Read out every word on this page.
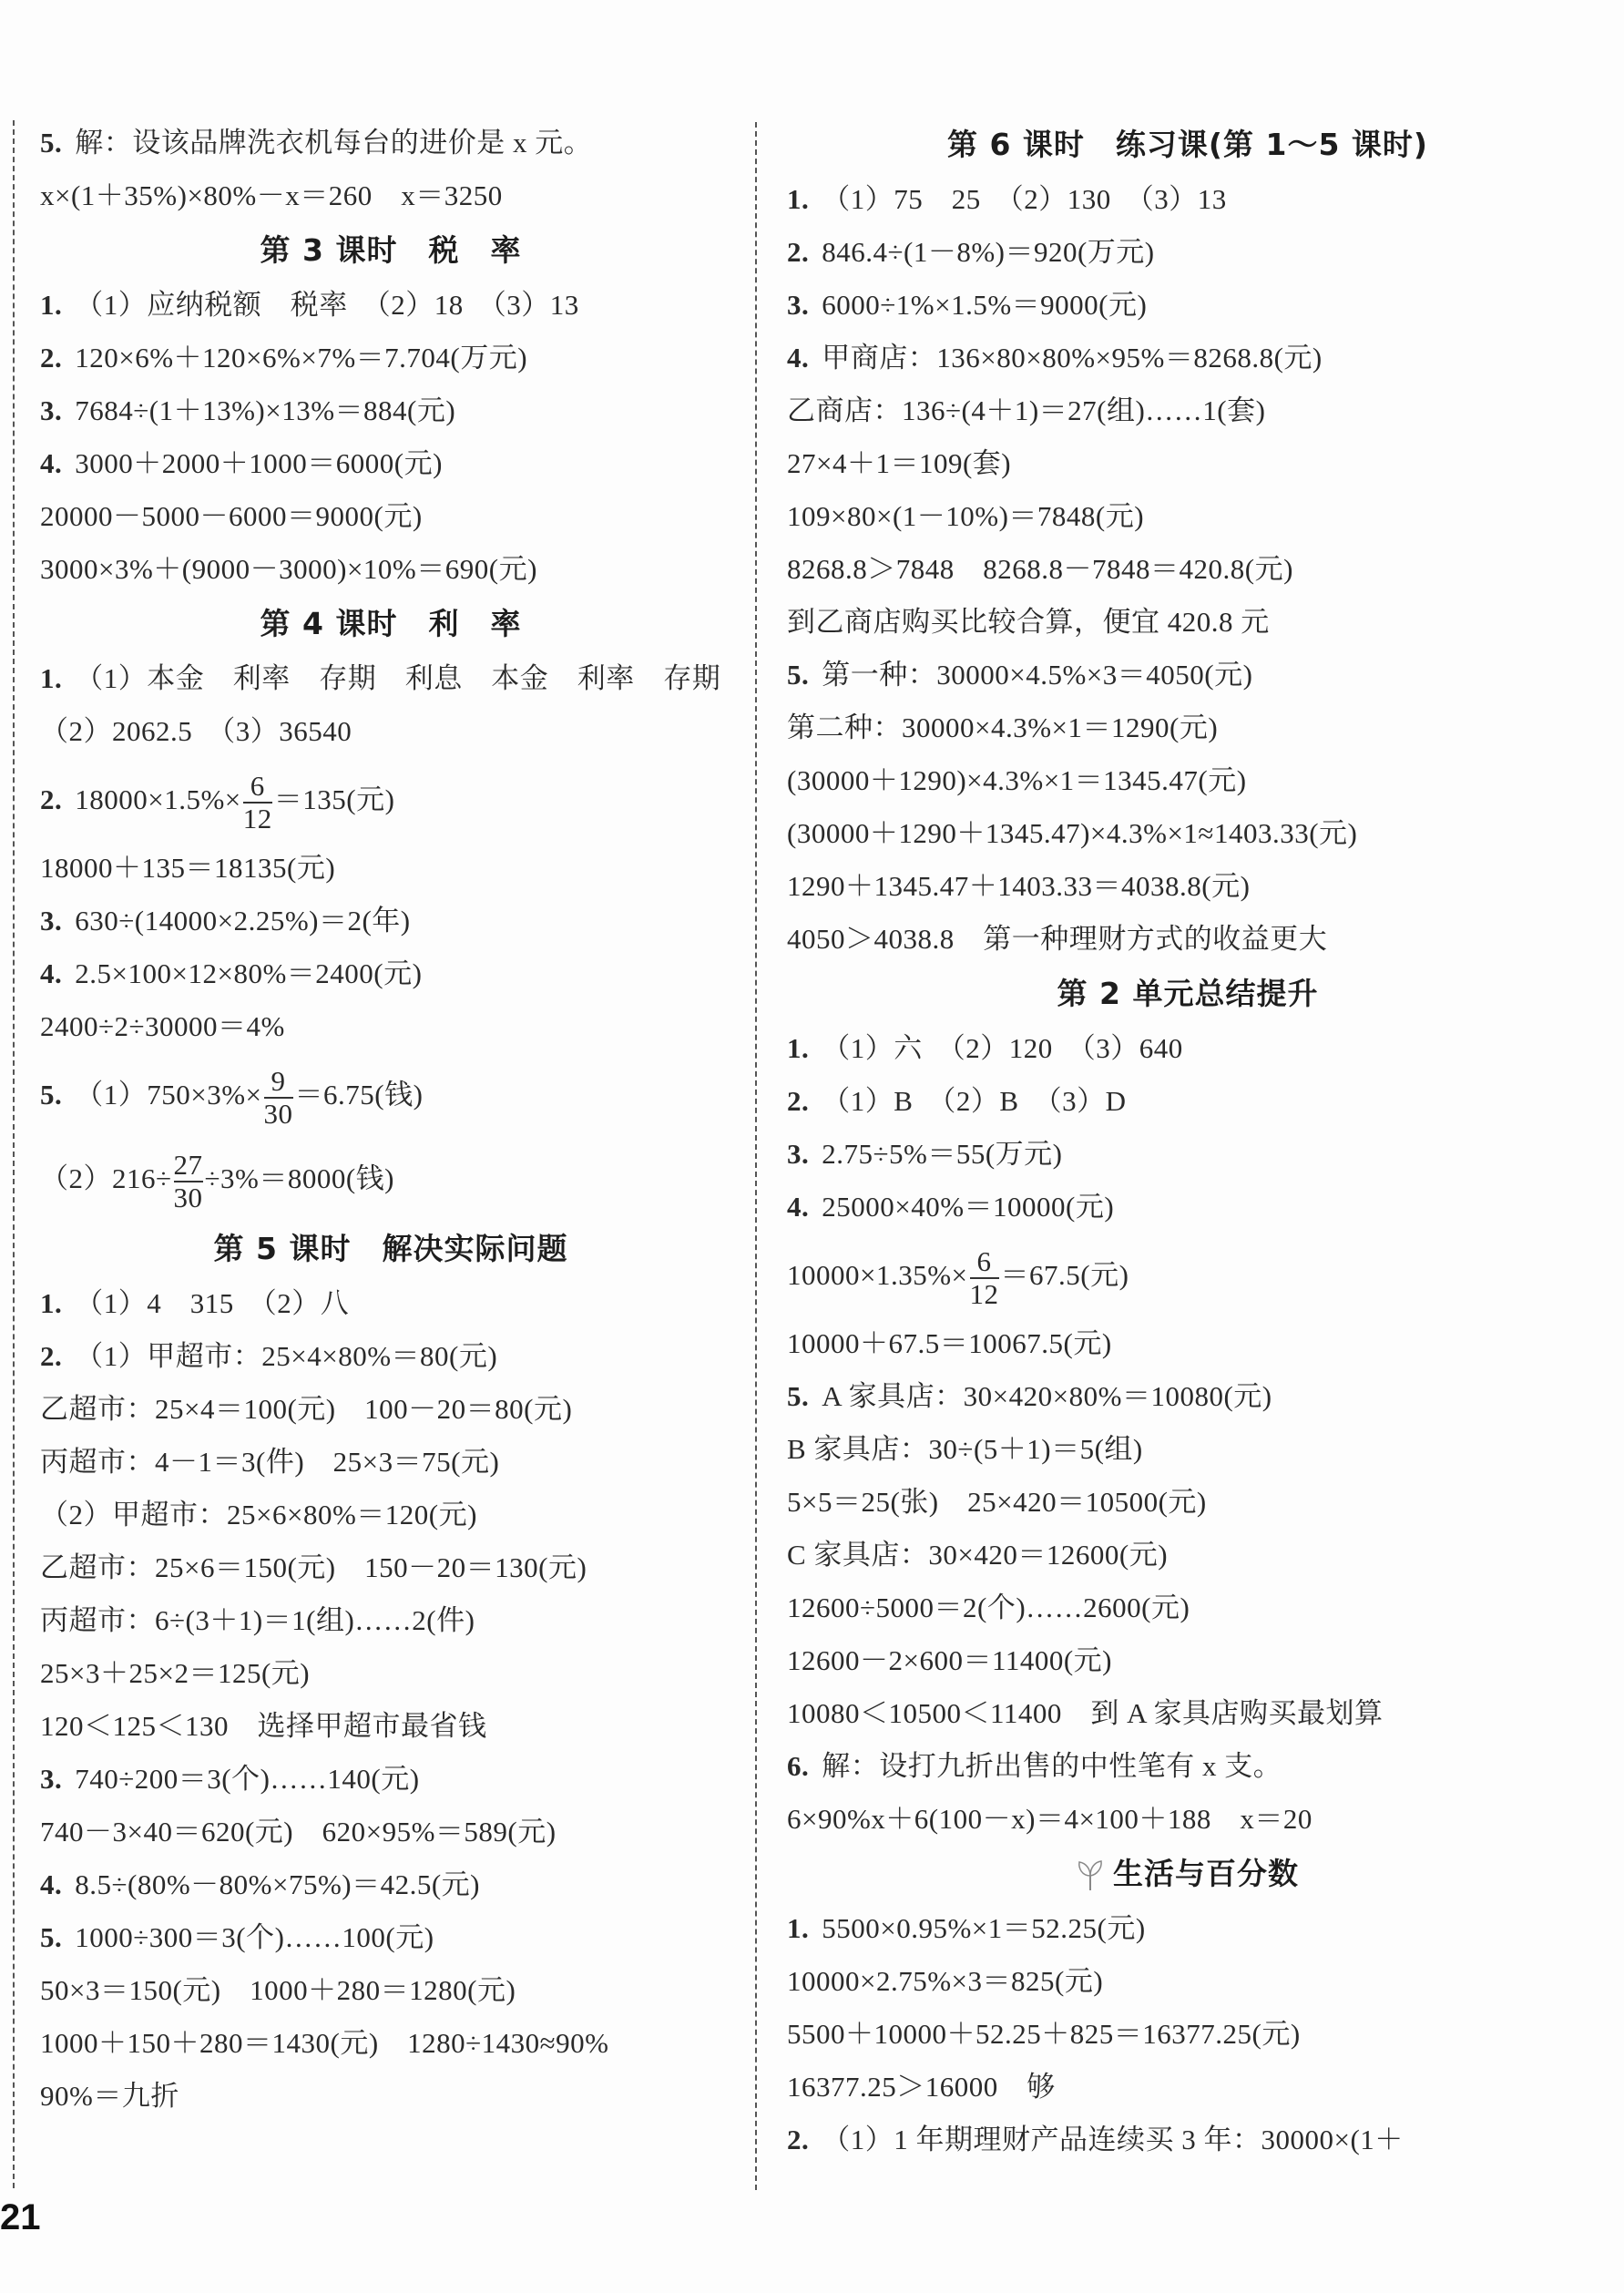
5. 解：设该品牌洗衣机每台的进价是 x 元。
x×(1＋35%)×80%－x＝260　x＝3250
第 3 课时　税　率
1. （1）应纳税额　税率　（2）18　（3）13
2. 120×6%＋120×6%×7%＝7.704(万元)
3. 7684÷(1＋13%)×13%＝884(元)
4. 3000＋2000＋1000＝6000(元)
20000－5000－6000＝9000(元)
3000×3%＋(9000－3000)×10%＝690(元)
第 4 课时　利　率
1. （1）本金　利率　存期　利息　本金　利率　存期
（2）2062.5　（3）36540
2. $18000\times 1.5\%\times \frac{6}{12} =135$(元)
18000＋135＝18135(元)
3. 630÷(14000×2.25%)＝2(年)
4. 2.5×100×12×80%＝2400(元)
2400÷2÷30000＝4%
5. $(1)750\times 3\%\times \frac{9}{30} =6.75$(钱)
$(2)216\div \frac{27}{30} \div 3\%=8000$(钱)
第 5 课时　解决实际问题
1. （1）4　315　（2）八
2. （1）甲超市：25×4×80%＝80(元)
乙超市：25×4＝100(元)　100－20＝80(元)
丙超市：4－1＝3(件)　25×3＝75(元)
（2）甲超市：25×6×80%＝120(元)
乙超市：25×6＝150(元)　150－20＝130(元)
丙超市：6÷(3＋1)＝1(组)……2(件)
25×3＋25×2＝125(元)
120＜125＜130　选择甲超市最省钱
3. 740÷200＝3(个)……140(元)
740－3×40＝620(元)　620×95%＝589(元)
4. 8.5÷(80%－80%×75%)＝42.5(元)
5. 1000÷300＝3(个)……100(元)
50×3＝150(元)　1000＋280＝1280(元)
1000＋150＋280＝1430(元)　1280÷1430≈90%
90%＝九折
第 6 课时　练习课(第 1～5 课时)
1. （1）75　25　（2）130　（3）13
2. 846.4÷(1－8%)＝920(万元)
3. 6000÷1%×1.5%＝9000(元)
4. 甲商店：136×80×80%×95%＝8268.8(元)
乙商店：136÷(4＋1)＝27(组)……1(套)
27×4＋1＝109(套)
109×80×(1－10%)＝7848(元)
8268.8＞7848　8268.8－7848＝420.8(元)
到乙商店购买比较合算，便宜 420.8 元
5. 第一种：30000×4.5%×3＝4050(元)
第二种：30000×4.3%×1＝1290(元)
(30000＋1290)×4.3%×1＝1345.47(元)
(30000＋1290＋1345.47)×4.3%×1≈1403.33(元)
1290＋1345.47＋1403.33＝4038.8(元)
4050＞4038.8　第一种理财方式的收益更大
第 2 单元总结提升
1. （1）六　（2）120　（3）640
2. （1）B　（2）B　（3）D
3. 2.75÷5%＝55(万元)
4. 25000×40%＝10000(元)
$10000\times 1.35\%\times \frac{6}{12} =67.5$(元)
10000＋67.5＝10067.5(元)
5. A 家具店：30×420×80%＝10080(元)
B 家具店：30÷(5＋1)＝5(组)
5×5＝25(张)　25×420＝10500(元)
C 家具店：30×420＝12600(元)
12600÷5000＝2(个)……2600(元)
12600－2×600＝11400(元)
10080＜10500＜11400　到 A 家具店购买最划算
6. 解：设打九折出售的中性笔有 x 支。
6×90%x＋6(100－x)＝4×100＋188　x＝20
生活与百分数
1. 5500×0.95%×1＝52.25(元)
10000×2.75%×3＝825(元)
5500＋10000＋52.25＋825＝16377.25(元)
16377.25＞16000　够
2. （1）1 年期理财产品连续买 3 年：30000×(1＋
21
